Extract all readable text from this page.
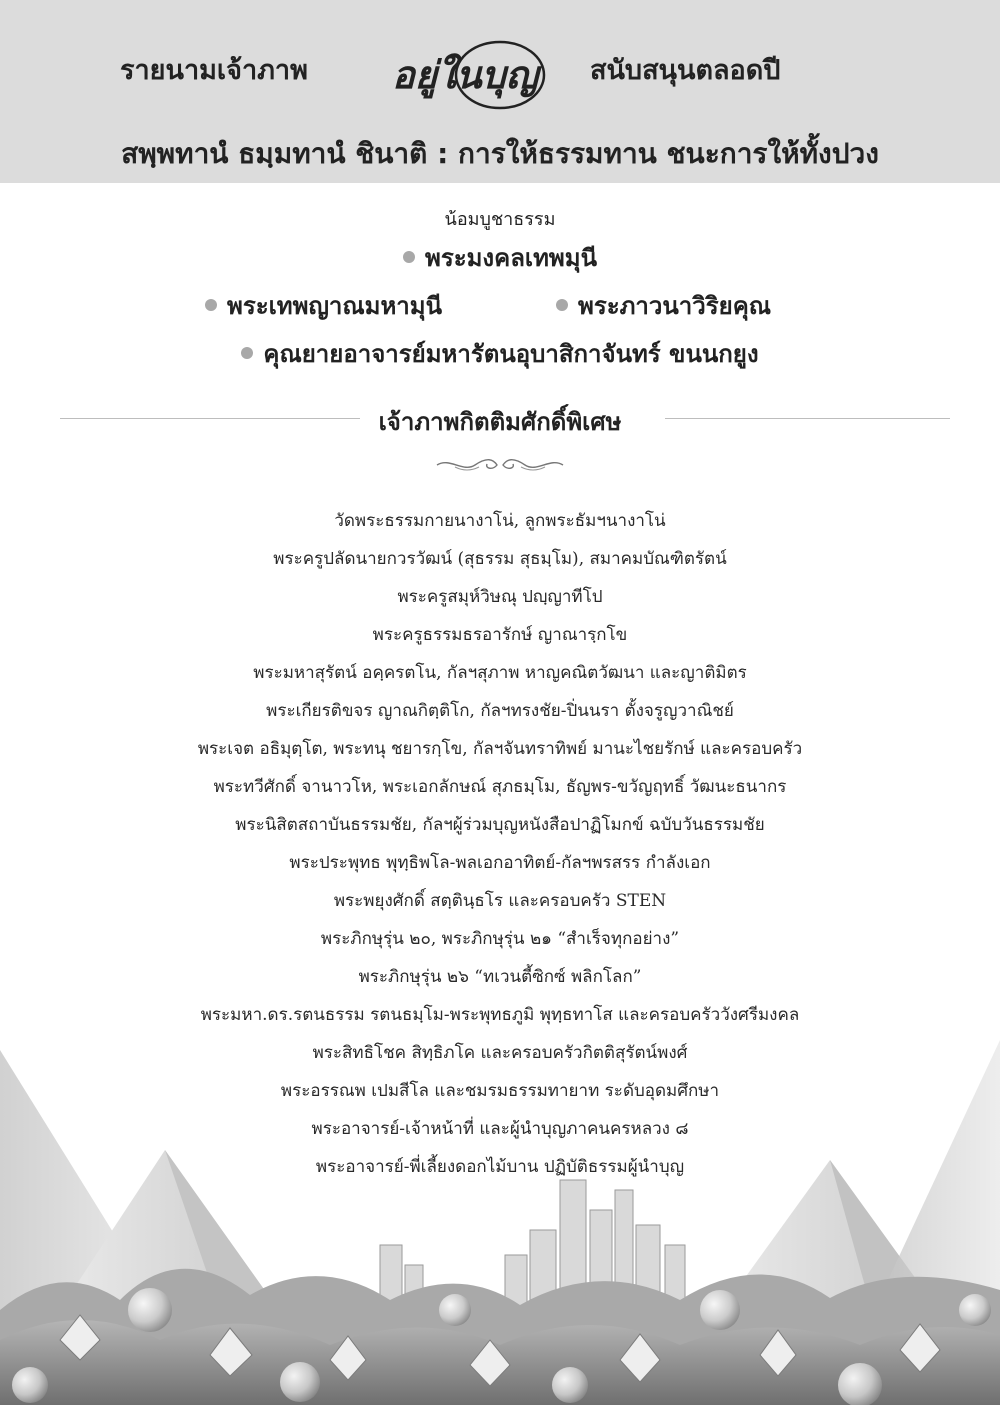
รายนามเจ้าภาพ อยู่ในบุญ สนับสนุนตลอดปี
สพฺพทานํ ธมฺมทานํ ชินาติ : การให้ธรรมทาน ชนะการให้ทั้งปวง
น้อมบูชาธรรม
พระมงคลเทพมุนี
พระเทพญาณมหามุนี	พระภาวนาวิริยคุณ
คุณยายอาจารย์มหารัตนอุบาสิกาจันทร์ ขนนกยูง
เจ้าภาพกิตติมศักดิ์พิเศษ
วัดพระธรรมกายนางาโน่, ลูกพระธัมฯนางาโน่
พระครูปลัดนายกวรวัฒน์ (สุธรรม สุธมฺโม), สมาคมบัณฑิตรัตน์
พระครูสมุห์วิษณุ ปญฺญาทีโป
พระครูธรรมธรอารักษ์ ญาณารฺกโข
พระมหาสุรัตน์ อคฺครตโน, กัลฯสุภาพ หาญคณิตวัฒนา และญาติมิตร
พระเกียรติขจร ญาณกิตฺติโก, กัลฯทรงชัย-ปิ่นนรา ตั้งจรูญวาณิชย์
พระเจต อธิมุตฺโต, พระทนุ ชยารกฺโข, กัลฯจันทราทิพย์ มานะไชยรักษ์ และครอบครัว
พระทวีศักดิ์ จานาวโห, พระเอกลักษณ์ สุภธมฺโม, ธัญพร-ขวัญฤทธิ์ วัฒนะธนากร
พระนิสิตสถาบันธรรมชัย, กัลฯผู้ร่วมบุญหนังสือปาฏิโมกข์ ฉบับวันธรรมชัย
พระประพุทธ พุทฺธิพโล-พลเอกอาทิตย์-กัลฯพรสรร กำลังเอก
พระพยุงศักดิ์ สตฺตินฺธโร และครอบครัว STEN
พระภิกษุรุ่น ๒๐, พระภิกษุรุ่น ๒๑ “สำเร็จทุกอย่าง”
พระภิกษุรุ่น ๒๖ “ทเวนตี้ซิกซ์ พลิกโลก”
พระมหา.ดร.รตนธรรม รตนธมฺโม-พระพุทธภูมิ พุทฺธทาโส และครอบครัววังศรีมงคล
พระสิทธิโชค สิทฺธิภโค และครอบครัวกิตติสุรัตน์พงศ์
พระอรรณพ เปมสีโล และชมรมธรรมทายาท ระดับอุดมศึกษา
พระอาจารย์-เจ้าหน้าที่ และผู้นำบุญภาคนครหลวง ๘
พระอาจารย์-พี่เลี้ยงดอกไม้บาน ปฏิบัติธรรมผู้นำบุญ
